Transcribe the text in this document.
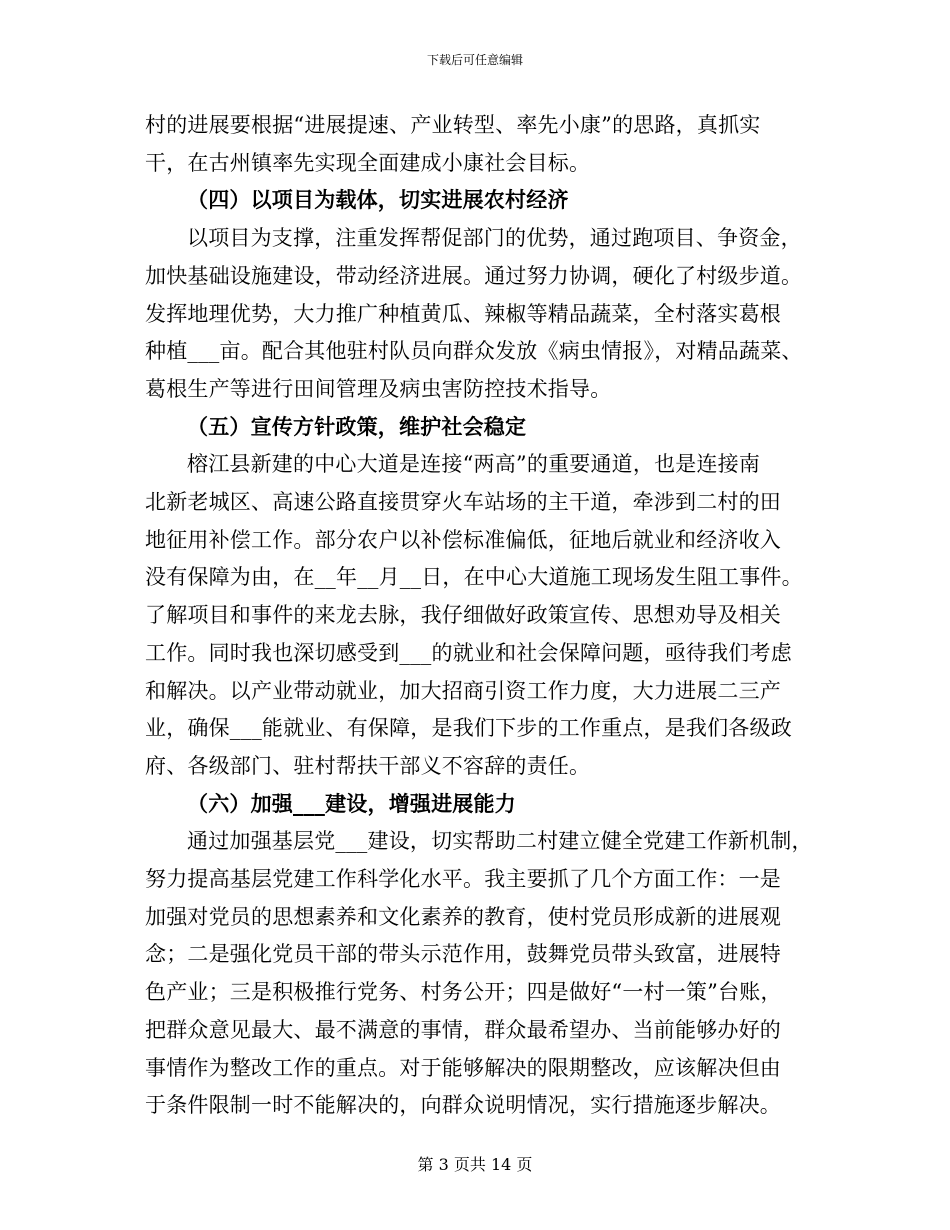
下载后可任意编辑
村的进展要根据“进展提速、产业转型、率先小康”的思路，真抓实
干，在古州镇率先实现全面建成小康社会目标。
（四）以项目为载体，切实进展农村经济
以项目为支撑，注重发挥帮促部门的优势，通过跑项目、争资金，
加快基础设施建设，带动经济进展。通过努力协调，硬化了村级步道。
发挥地理优势，大力推广种植黄瓜、辣椒等精品蔬菜，全村落实葛根
种植___亩。配合其他驻村队员向群众发放《病虫情报》，对精品蔬菜、
葛根生产等进行田间管理及病虫害防控技术指导。
（五）宣传方针政策，维护社会稳定
榕江县新建的中心大道是连接“两高”的重要通道，也是连接南
北新老城区、高速公路直接贯穿火车站场的主干道，牵涉到二村的田
地征用补偿工作。部分农户以补偿标准偏低，征地后就业和经济收入
没有保障为由，在__年__月__日，在中心大道施工现场发生阻工事件。
了解项目和事件的来龙去脉，我仔细做好政策宣传、思想劝导及相关
工作。同时我也深切感受到___的就业和社会保障问题，亟待我们考虑
和解决。以产业带动就业，加大招商引资工作力度，大力进展二三产
业，确保___能就业、有保障，是我们下步的工作重点，是我们各级政
府、各级部门、驻村帮扶干部义不容辞的责任。
（六）加强___建设，增强进展能力
通过加强基层党___建设，切实帮助二村建立健全党建工作新机制，
努力提高基层党建工作科学化水平。我主要抓了几个方面工作：一是
加强对党员的思想素养和文化素养的教育，使村党员形成新的进展观
念；二是强化党员干部的带头示范作用，鼓舞党员带头致富，进展特
色产业；三是积极推行党务、村务公开；四是做好“一村一策”台账，
把群众意见最大、最不满意的事情，群众最希望办、当前能够办好的
事情作为整改工作的重点。对于能够解决的限期整改，应该解决但由
于条件限制一时不能解决的，向群众说明情况，实行措施逐步解决。
第 3 页共 14 页
